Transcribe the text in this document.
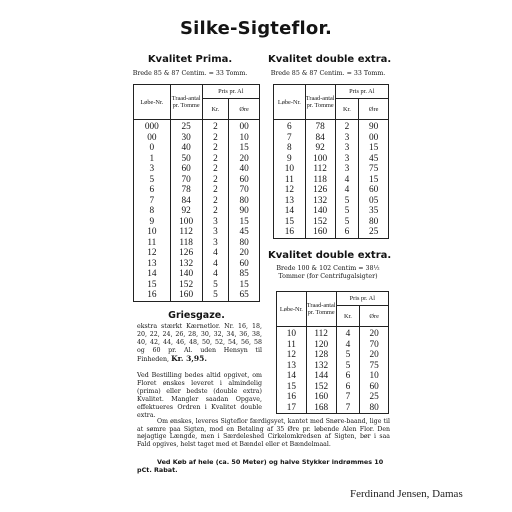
Silke-Sigteflor.
Kvalitet Prima.
Brede 85 & 87 Centim. = 33 Tomm.
Løbe-Nr.	Traad-antal pr. Tomme	Pris pr. Al	
		Kr.	Øre
000	25	2	00
00	30	2	10
0	40	2	15
1	50	2	20
3	60	2	40
5	70	2	60
6	78	2	70
7	84	2	80
8	92	2	90
9	100	3	15
10	112	3	45
11	118	3	80
12	126	4	20
13	132	4	60
14	140	4	85
15	152	5	15
16	160	5	65
Griesgaze.
ekstra stærkt Kærnetlor. Nr. 16, 18, 20, 22, 24, 26, 28, 30, 32, 34, 36, 38, 40, 42, 44, 46, 48, 50, 52, 54, 56, 58 og 60 pr. Al. uden Hensyn til Finheden, Kr. 3,95.
Ved Bestilling bedes altid opgivet, om Floret ønskes leveret i almindelig (prima) eller bedste (double extra) Kvalitet. Mangler saadan Opgave, effektueres Ordren i Kvalitet double extra.
Kvalitet double extra.
Brede 85 & 87 Centim. = 33 Tomm.
Løbe-Nr.	Traad-antal pr. Tomme	Pris pr. Al	
		Kr.	Øre
6	78	2	90
7	84	3	00
8	92	3	15
9	100	3	45
10	112	3	75
11	118	4	15
12	126	4	60
13	132	5	05
14	140	5	35
15	152	5	80
16	160	6	25
Kvalitet double extra.
Brede 100 & 102 Centim = 38½
Tommer (for Centrifugalsigter)
Løbe-Nr.	Traad-antal pr. Tomme	Pris pr. Al	
		Kr.	Øre
10	112	4	20
11	120	4	70
12	128	5	20
13	132	5	75
14	144	6	10
15	152	6	60
16	160	7	25
17	168	7	80
Om ønskes, leveres Sigteflor færdigsyet, kantet med Snøre-baand, lige til at sømre paa Sigten, mod en Betaling af 35 Øre pr. løbende Alen Flor. Den nøjagtige Længde, men i Særdeleshed Cirkelomkredsen af Sigten, bør i saa Fald opgives, helst taget med et Bændel eller et Bændelmaal.
Ved Køb af hele (ca. 50 Meter) og halve Stykker indrømmes 10 pCt. Rabat.
Ferdinand Jensen, Damas
